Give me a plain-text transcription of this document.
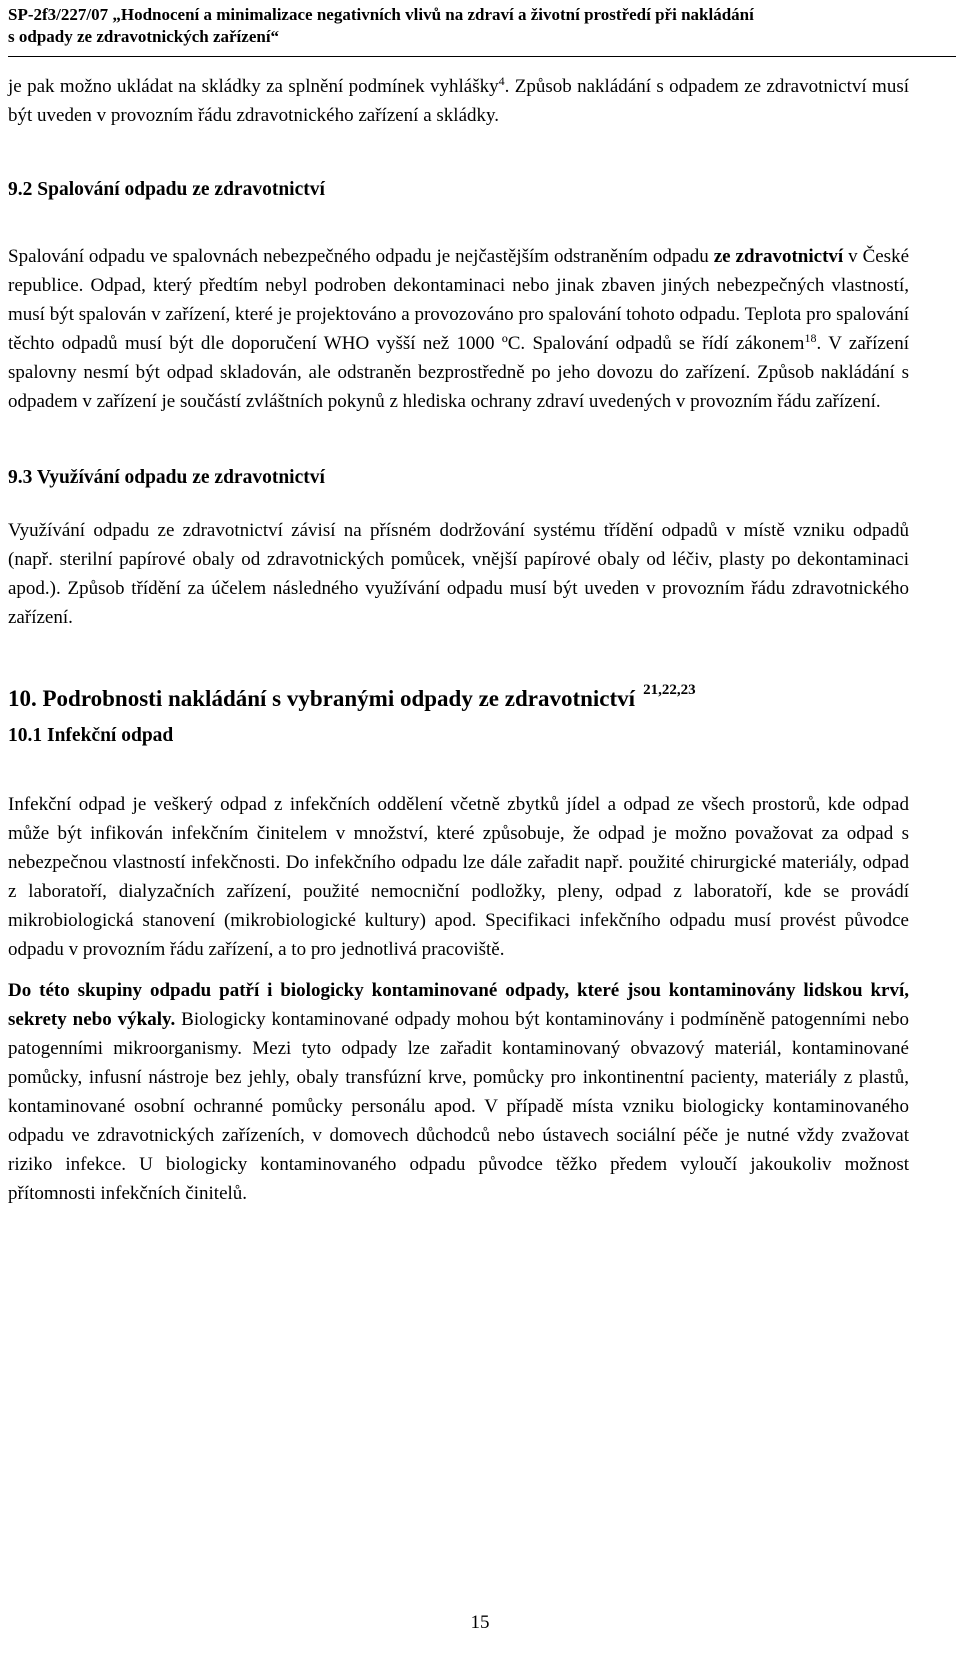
SP-2f3/227/07 „Hodnocení a minimalizace negativních vlivů na zdraví a životní prostředí při nakládání
s odpady ze zdravotnických zařízení“

je pak možno ukládat na skládky za splnění podmínek vyhlášky$^4$. Způsob nakládání s odpadem ze zdravotnictví musí být uveden v provozním řádu zdravotnického zařízení a skládky.

9.2 Spalování odpadu ze zdravotnictví

Spalování odpadu ve spalovnách nebezpečného odpadu je nejčastějším odstraněním odpadu ze zdravotnictví v České republice. Odpad, který předtím nebyl podroben dekontaminaci nebo jinak zbaven jiných nebezpečných vlastností, musí být spalován v zařízení, které je projektováno a provozováno pro spalování tohoto odpadu. Teplota pro spalování těchto odpadů musí být dle doporučení WHO vyšší než 1000 ºC. Spalování odpadů se řídí zákonem$^{18}$. V zařízení spalovny nesmí být odpad skladován, ale odstraněn bezprostředně po jeho dovozu do zařízení. Způsob nakládání s odpadem v zařízení je součástí zvláštních pokynů z hlediska ochrany zdraví uvedených v provozním řádu zařízení.

9.3 Využívání odpadu ze zdravotnictví

Využívání odpadu ze zdravotnictví závisí na přísném dodržování systému třídění odpadů v místě vzniku odpadů (např. sterilní papírové obaly od zdravotnických pomůcek, vnější papírové obaly od léčiv, plasty po dekontaminaci apod.). Způsob třídění za účelem následného využívání odpadu musí být uveden v provozním řádu zdravotnického zařízení.

10. Podrobnosti nakládání s vybranými odpady ze zdravotnictví $^{21,22,23}$
10.1 Infekční odpad

Infekční odpad je veškerý odpad z infekčních oddělení včetně zbytků jídel a odpad ze všech prostorů, kde odpad může být infikován infekčním činitelem v množství, které způsobuje, že odpad je možno považovat za odpad s nebezpečnou vlastností infekčnosti. Do infekčního odpadu lze dále zařadit např. použité chirurgické materiály, odpad z laboratoří, dialyzačních zařízení, použité nemocniční podložky, pleny, odpad z laboratoří, kde se provádí mikrobiologická stanovení (mikrobiologické kultury) apod. Specifikaci infekčního odpadu musí provést původce odpadu v provozním řádu zařízení, a to pro jednotlivá pracoviště.

Do této skupiny odpadu patří i biologicky kontaminované odpady, které jsou kontaminovány lidskou krví, sekrety nebo výkaly. Biologicky kontaminované odpady mohou být kontaminovány i podmíněně patogenními nebo patogenními mikroorganismy. Mezi tyto odpady lze zařadit kontaminovaný obvazový materiál, kontaminované pomůcky, infusní nástroje bez jehly, obaly transfúzní krve, pomůcky pro inkontinentní pacienty, materiály z plastů, kontaminované osobní ochranné pomůcky personálu apod. V případě místa vzniku biologicky kontaminovaného odpadu ve zdravotnických zařízeních, v domovech důchodců nebo ústavech sociální péče je nutné vždy zvažovat riziko infekce. U biologicky kontaminovaného odpadu původce těžko předem vyloučí jakoukoliv možnost přítomnosti infekčních činitelů.

15
